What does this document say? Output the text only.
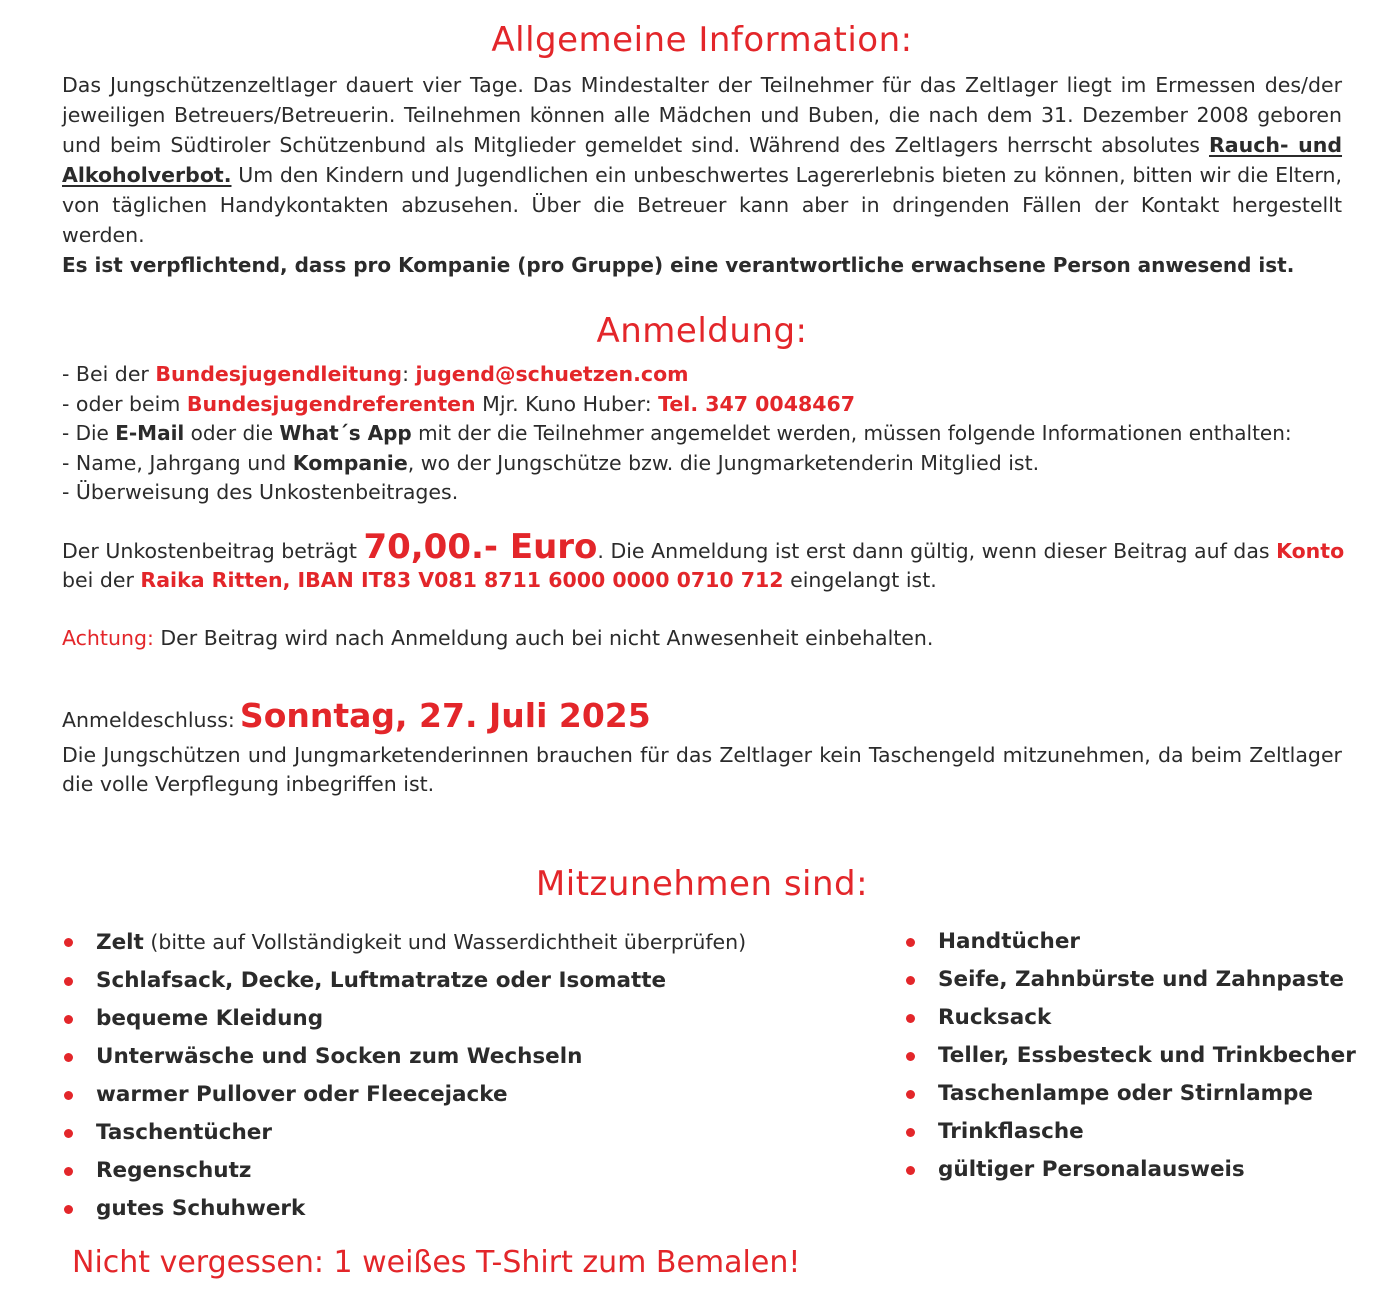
Allgemeine Information:

Das Jungschützenzeltlager dauert vier Tage. Das Mindestalter der Teilnehmer für das Zeltlager liegt im Ermessen des/der jeweiligen Betreuers/Betreuerin. Teilnehmen können alle Mädchen und Buben, die nach dem 31. Dezember 2008 geboren und beim Südtiroler Schützenbund als Mitglieder gemeldet sind. Während des Zeltlagers herrscht absolutes Rauch- und Alkoholverbot. Um den Kindern und Jugendlichen ein unbeschwertes Lagererlebnis bieten zu können, bitten wir die Eltern, von täglichen Handykontakten abzusehen. Über die Betreuer kann aber in dringenden Fällen der Kontakt hergestellt werden.

Es ist verpflichtend, dass pro Kompanie (pro Gruppe) eine verantwortliche erwachsene Person anwesend ist.

Anmeldung:
- Bei der Bundesjugendleitung: jugend@schuetzen.com
- oder beim Bundesjugendreferenten Mjr. Kuno Huber: Tel. 347 0048467
- Die E-Mail oder die What´s App mit der die Teilnehmer angemeldet werden, müssen folgende Informationen enthalten:
- Name, Jahrgang und Kompanie, wo der Jungschütze bzw. die Jungmarketenderin Mitglied ist.
- Überweisung des Unkostenbeitrages.
Der Unkostenbeitrag beträgt 70,00.- Euro. Die Anmeldung ist erst dann gültig, wenn dieser Beitrag auf das Konto
bei der Raika Ritten, IBAN IT83 V081 8711 6000 0000 0710 712 eingelangt ist.
Achtung: Der Beitrag wird nach Anmeldung auch bei nicht Anwesenheit einbehalten.
Anmeldeschluss: Sonntag, 27. Juli 2025

Die Jungschützen und Jungmarketenderinnen brauchen für das Zeltlager kein Taschengeld mitzunehmen, da beim Zeltlager die volle Verpflegung inbegriffen ist.

Mitzunehmen sind:
Zelt (bitte auf Vollständigkeit und Wasserdichtheit überprüfen)
Schlafsack, Decke, Luftmatratze oder Isomatte
bequeme Kleidung
Unterwäsche und Socken zum Wechseln
warmer Pullover oder Fleecejacke
Taschentücher
Regenschutz
gutes Schuhwerk
Handtücher
Seife, Zahnbürste und Zahnpaste
Rucksack
Teller, Essbesteck und Trinkbecher
Taschenlampe oder Stirnlampe
Trinkflasche
gültiger Personalausweis
Nicht vergessen: 1 weißes T-Shirt zum Bemalen!
